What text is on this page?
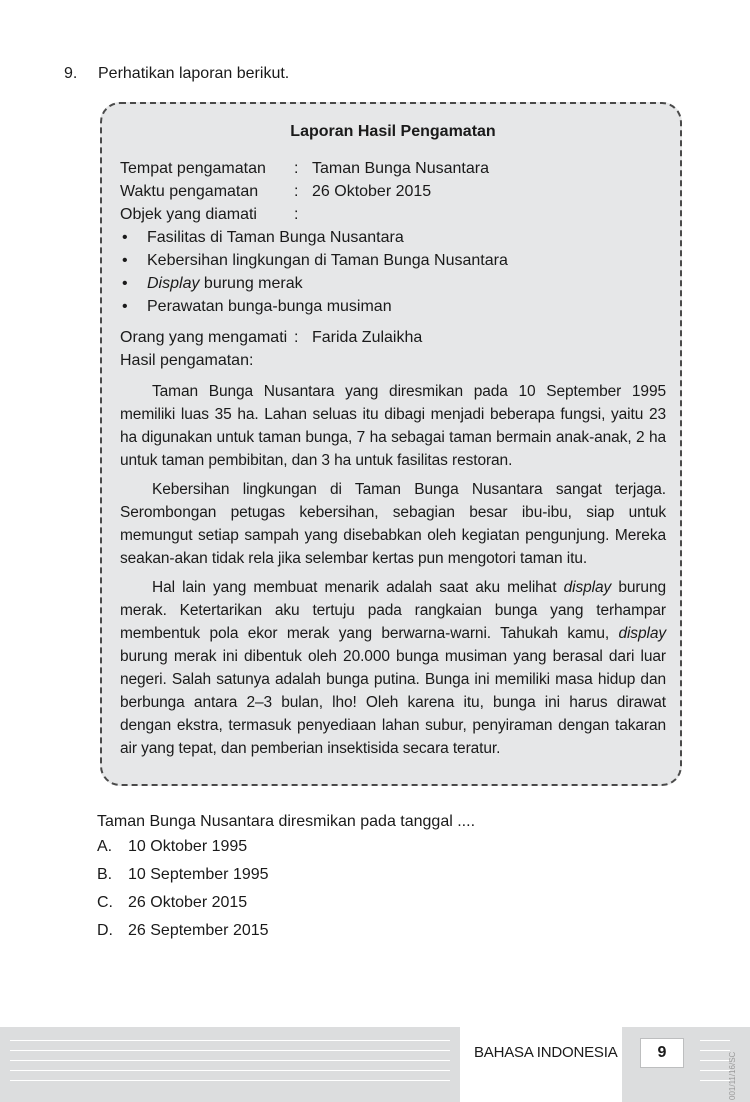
9. Perhatikan laporan berikut.
Laporan Hasil Pengamatan
Tempat pengamatan : Taman Bunga Nusantara
Waktu pengamatan : 26 Oktober 2015
Objek yang diamati :
• Fasilitas di Taman Bunga Nusantara
• Kebersihan lingkungan di Taman Bunga Nusantara
• Display burung merak
• Perawatan bunga-bunga musiman
Orang yang mengamati : Farida Zulaikha
Hasil pengamatan:

Taman Bunga Nusantara yang diresmikan pada 10 September 1995 memiliki luas 35 ha. Lahan seluas itu dibagi menjadi beberapa fungsi, yaitu 23 ha digunakan untuk taman bunga, 7 ha sebagai taman bermain anak-anak, 2 ha untuk taman pembibitan, dan 3 ha untuk fasilitas restoran.

Kebersihan lingkungan di Taman Bunga Nusantara sangat terjaga. Serombongan petugas kebersihan, sebagian besar ibu-ibu, siap untuk memungut setiap sampah yang disebabkan oleh kegiatan pengunjung. Mereka seakan-akan tidak rela jika selembar kertas pun mengotori taman itu.

Hal lain yang membuat menarik adalah saat aku melihat display burung merak. Ketertarikan aku tertuju pada rangkaian bunga yang terhampar membentuk pola ekor merak yang berwarna-warni. Tahukah kamu, display burung merak ini dibentuk oleh 20.000 bunga musiman yang berasal dari luar negeri. Salah satunya adalah bunga putina. Bunga ini memiliki masa hidup dan berbunga antara 2–3 bulan, lho! Oleh karena itu, bunga ini harus dirawat dengan ekstra, termasuk penyediaan lahan subur, penyiraman dengan takaran air yang tepat, dan pemberian insektisida secara teratur.

Taman Bunga Nusantara diresmikan pada tanggal ....
A. 10 Oktober 1995
B. 10 September 1995
C. 26 Oktober 2015
D. 26 September 2015
BAHASA INDONESIA	9	001/11/16/SC
